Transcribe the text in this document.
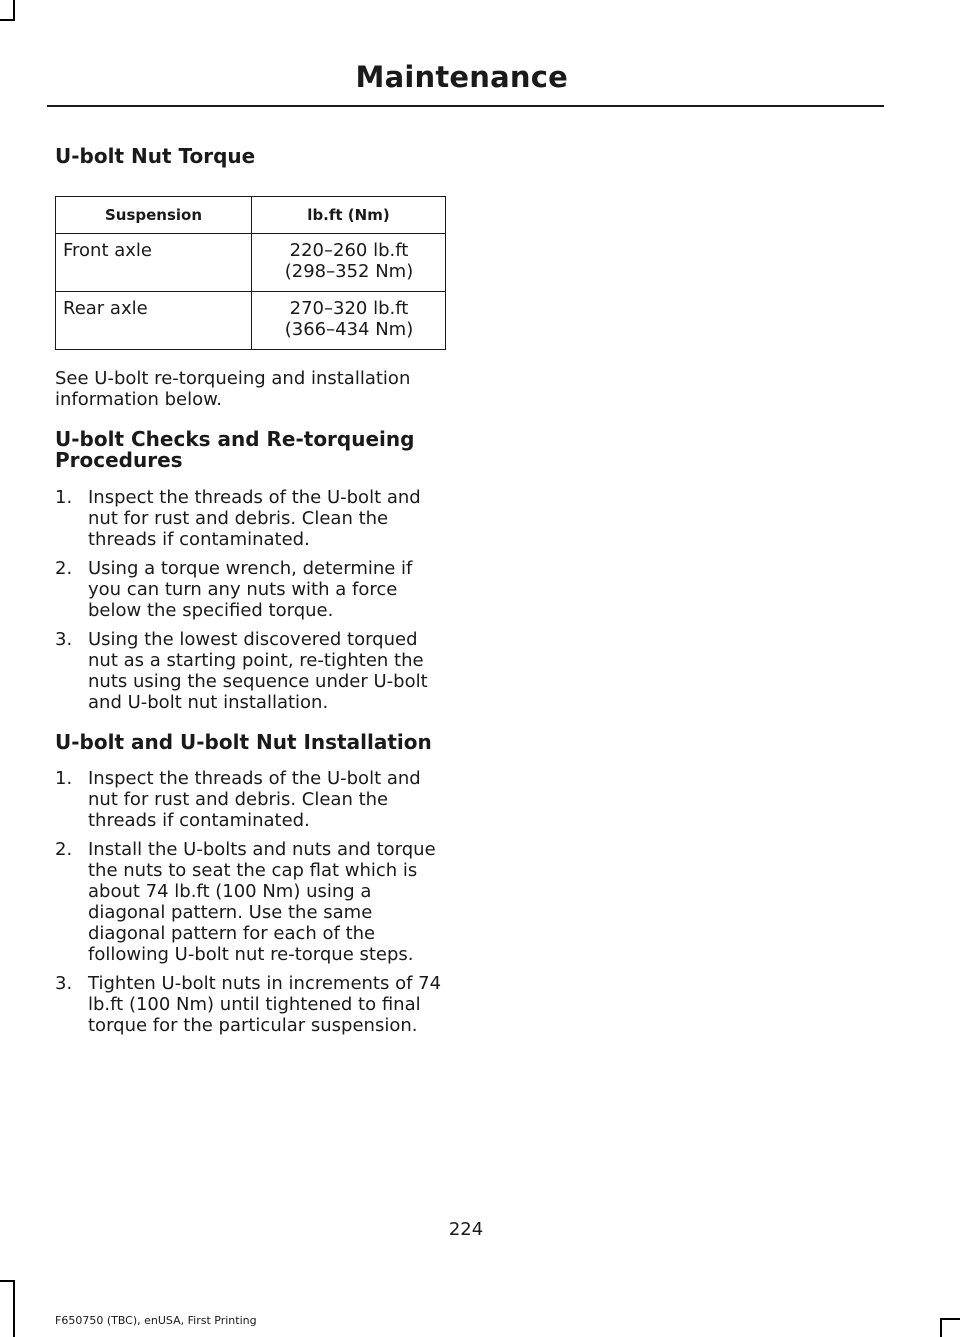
Maintenance
U-bolt Nut Torque
Suspension	lb.ft (Nm)
Front axle	220–260 lb.ft
(298–352 Nm)

Rear axle	270–320 lb.ft
(366–434 Nm)

See U-bolt re-torqueing and installation information below.

U-bolt Checks and Re-torqueing Procedures
1. Inspect the threads of the U-bolt and nut for rust and debris. Clean the threads if contaminated.
2. Using a torque wrench, determine if you can turn any nuts with a force below the specified torque.
3. Using the lowest discovered torqued nut as a starting point, re-tighten the nuts using the sequence under U-bolt and U-bolt nut installation.
U-bolt and U-bolt Nut Installation
1. Inspect the threads of the U-bolt and nut for rust and debris. Clean the threads if contaminated.
2. Install the U-bolts and nuts and torque the nuts to seat the cap flat which is about 74 lb.ft (100 Nm) using a diagonal pattern. Use the same diagonal pattern for each of the following U-bolt nut re-torque steps.
3. Tighten U-bolt nuts in increments of 74 lb.ft (100 Nm) until tightened to final torque for the particular suspension.
224
F650750 (TBC), enUSA, First Printing
